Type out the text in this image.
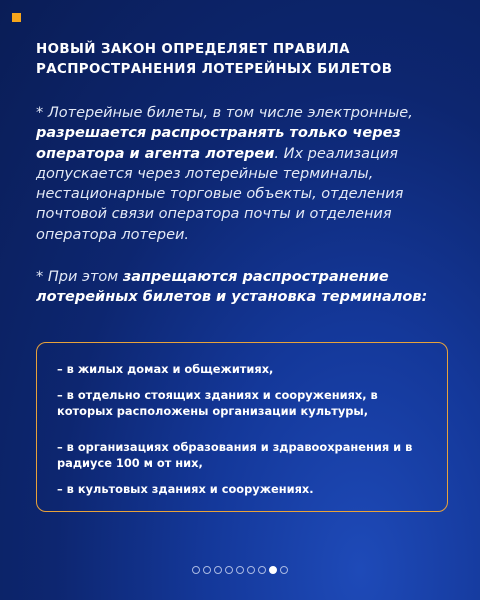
НОВЫЙ ЗАКОН ОПРЕДЕЛЯЕТ ПРАВИЛА
РАСПРОСТРАНЕНИЯ ЛОТЕРЕЙНЫХ БИЛЕТОВ
* Лотерейные билеты, в том числе электронные, разрешается распространять только через оператора и агента лотереи. Их реализация допускается через лотерейные терминалы, нестационарные торговые объекты, отделения почтовой связи оператора почты и отделения оператора лотереи.
* При этом запрещаются распространение лотерейных билетов и установка терминалов:
– в жилых домах и общежитиях,
– в отдельно стоящих зданиях и сооружениях, в которых расположены организации культуры,
– в организациях образования и здравоохранения и в радиусе 100 м от них,
– в культовых зданиях и сооружениях.
